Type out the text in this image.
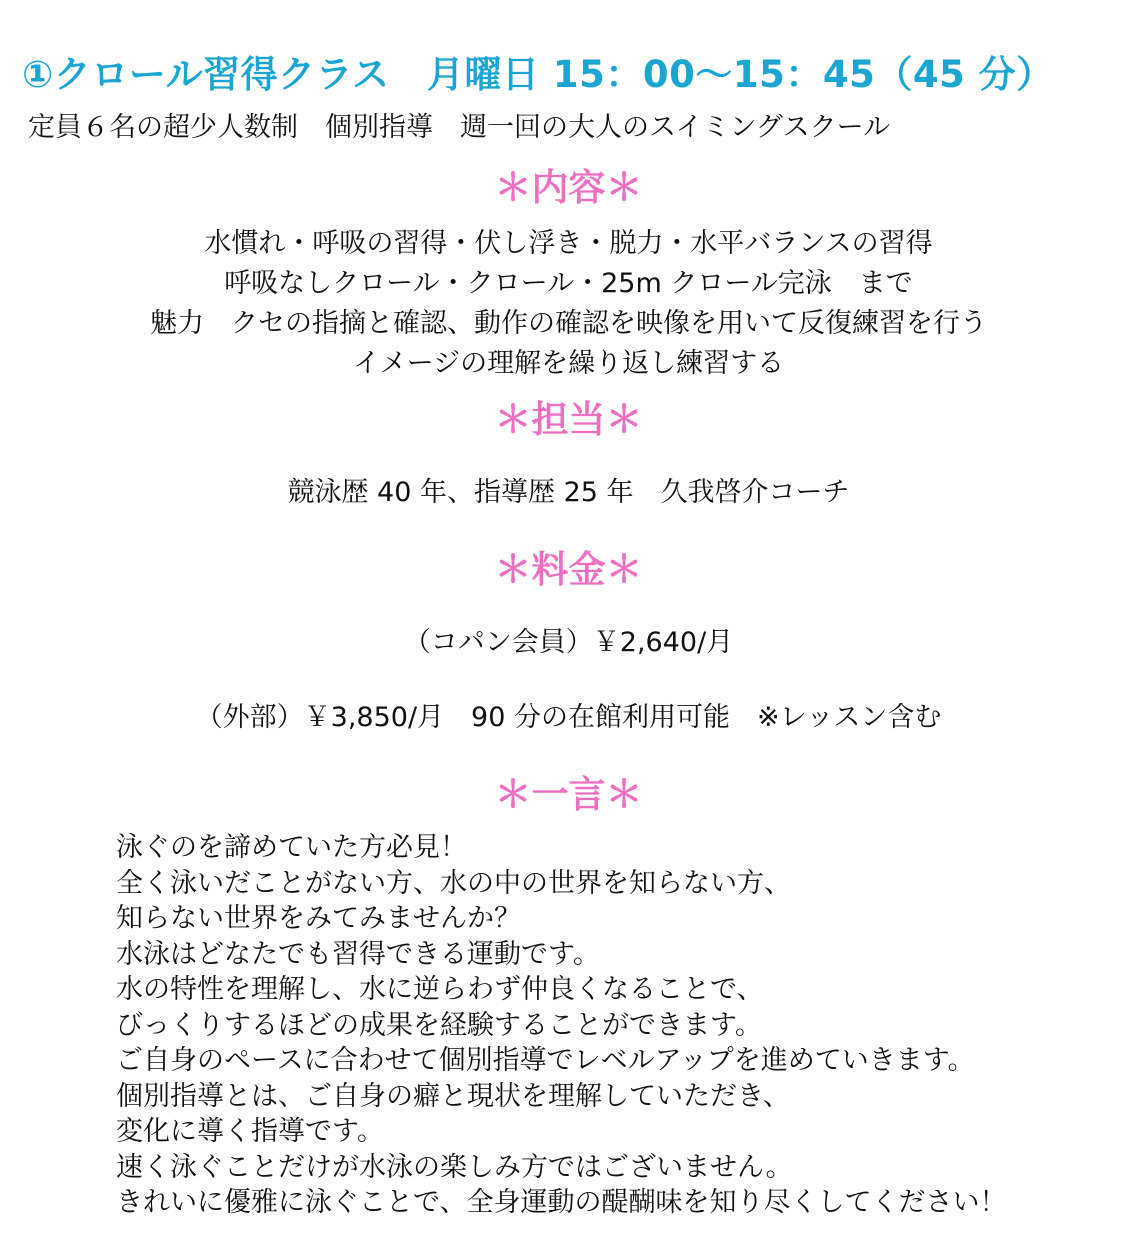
①クロール習得クラス　月曜日 15：00〜15：45（45 分）
定員６名の超少人数制　個別指導　週一回の大人のスイミングスクール
＊内容＊
水慣れ・呼吸の習得・伏し浮き・脱力・水平バランスの習得
呼吸なしクロール・クロール・25m クロール完泳　まで
魅力　クセの指摘と確認、動作の確認を映像を用いて反復練習を行う
イメージの理解を繰り返し練習する
＊担当＊
競泳歴 40 年、指導歴 25 年　久我啓介コーチ
＊料金＊
（コパン会員）￥2,640/月
（外部）￥3,850/月　90 分の在館利用可能　※レッスン含む
＊一言＊
泳ぐのを諦めていた方必見！
全く泳いだことがない方、水の中の世界を知らない方、
知らない世界をみてみませんか？
水泳はどなたでも習得できる運動です。
水の特性を理解し、水に逆らわず仲良くなることで、
びっくりするほどの成果を経験することができます。
ご自身のペースに合わせて個別指導でレベルアップを進めていきます。
個別指導とは、ご自身の癖と現状を理解していただき、
変化に導く指導です。
速く泳ぐことだけが水泳の楽しみ方ではございません。
きれいに優雅に泳ぐことで、全身運動の醍醐味を知り尽くしてください！
